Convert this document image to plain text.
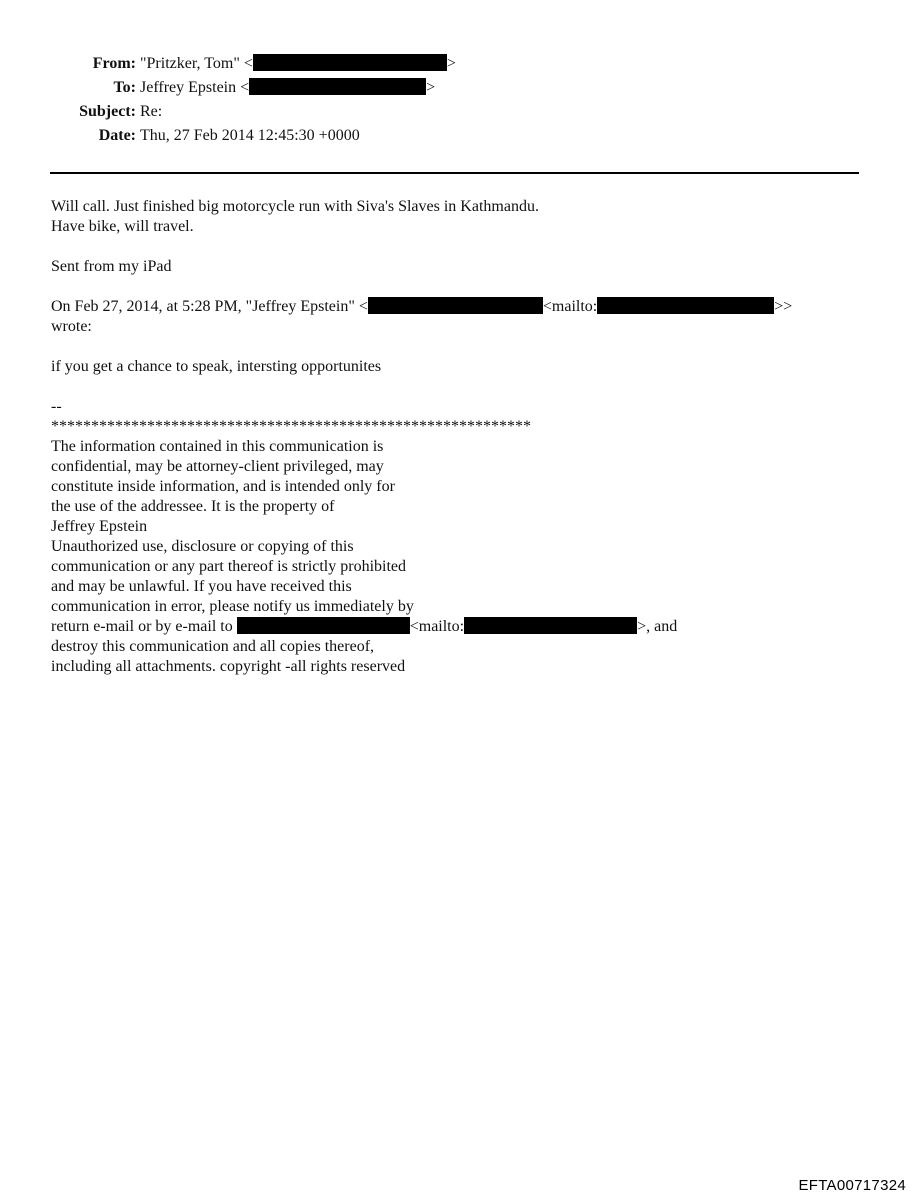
From: "Pritzker, Tom" <	>
To: Jeffrey Epstein <	>
Subject: Re:
Date: Thu, 27 Feb 2014 12:45:30 +0000
Will call. Just finished big motorcycle run with Siva's Slaves in Kathmandu.
Have bike, will travel.
Sent from my iPad
On Feb 27, 2014, at 5:28 PM, "Jeffrey Epstein" <	<mailto:	>>
wrote:
if you get a chance to speak, intersting opportunites
--
************************************************************
The information contained in this communication is
confidential, may be attorney-client privileged, may
constitute inside information, and is intended only for
the use of the addressee. It is the property of
Jeffrey Epstein
Unauthorized use, disclosure or copying of this
communication or any part thereof is strictly prohibited
and may be unlawful. If you have received this
communication in error, please notify us immediately by
return e-mail or by e-mail to	<mailto:	>, and
destroy this communication and all copies thereof,
including all attachments. copyright -all rights reserved
EFTA00717324
